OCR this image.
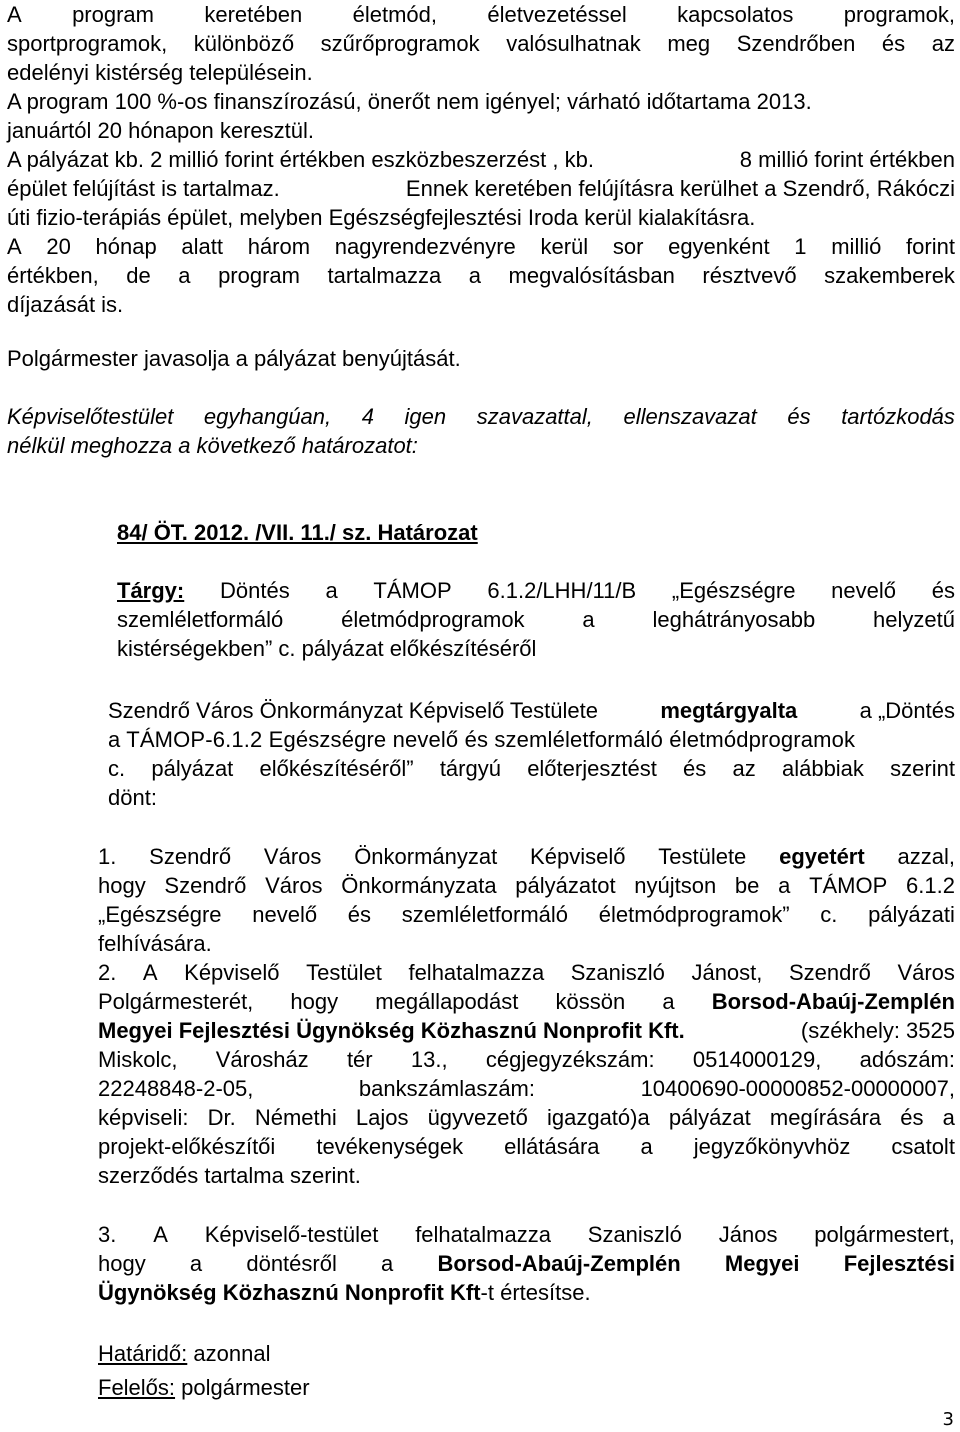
A program keretében életmód, életvezetéssel kapcsolatos programok,
sportprogramok, különböző szűrőprogramok valósulhatnak meg Szendrőben és az
edelényi kistérség településein.
A program 100 %-os finanszírozású, önerőt nem igényel; várható időtartama 2013.
januártól 20 hónapon keresztül.
A pályázat kb. 2 millió forint értékben eszközbeszerzést , kb.	8 millió forint értékben
épület felújítást is tartalmaz.	Ennek keretében felújításra kerülhet a Szendrő, Rákóczi
úti fizio-terápiás épület, melyben Egészségfejlesztési Iroda kerül kialakításra.
A 20 hónap alatt három nagyrendezvényre kerül sor egyenként 1 millió forint
értékben, de a program tartalmazza a megvalósításban résztvevő szakemberek
díjazását is.
Polgármester javasolja a pályázat benyújtását.
Képviselőtestület egyhangúan, 4 igen szavazattal, ellenszavazat és tartózkodás
nélkül meghozza a következő határozatot:
84/ ÖT. 2012. /VII. 11./ sz. Határozat
Tárgy: Döntés a TÁMOP 6.1.2/LHH/11/B „Egészségre nevelő és
szemléletformáló	életmódprogramok	a	leghátrányosabb	helyzetű
kistérségekben” c. pályázat előkészítéséről
Szendrő Város Önkormányzat Képviselő Testülete	megtárgyalta	a „Döntés
a TÁMOP-6.1.2 Egészségre nevelő és szemléletformáló életmódprogramok
c. pályázat előkészítéséről” tárgyú előterjesztést és az alábbiak szerint
dönt:
1. Szendrő Város Önkormányzat Képviselő Testülete egyetért azzal,
hogy Szendrő Város Önkormányzata pályázatot nyújtson be a TÁMOP 6.1.2
„Egészségre nevelő és szemléletformáló életmódprogramok” c. pályázati
felhívására.
2. A Képviselő Testület felhatalmazza Szaniszló Jánost, Szendrő Város
Polgármesterét, hogy megállapodást kössön a Borsod-Abaúj-Zemplén
Megyei Fejlesztési Ügynökség Közhasznú Nonprofit Kft.	(székhely: 3525
Miskolc, Városház tér 13., cégjegyzékszám: 0514000129, adószám:
22248848-2-05,	bankszámlaszám:	10400690-00000852-00000007,
képviseli: Dr. Némethi Lajos ügyvezető igazgató)a pályázat megírására és a
projekt-előkészítői tevékenységek ellátására a jegyzőkönyvhöz csatolt
szerződés tartalma szerint.
3. A Képviselő-testület felhatalmazza Szaniszló János polgármestert,
hogy a döntésről a Borsod-Abaúj-Zemplén Megyei Fejlesztési
Ügynökség Közhasznú Nonprofit Kft -t értesítse.
Határidő: azonnal
Felelős: polgármester
3
